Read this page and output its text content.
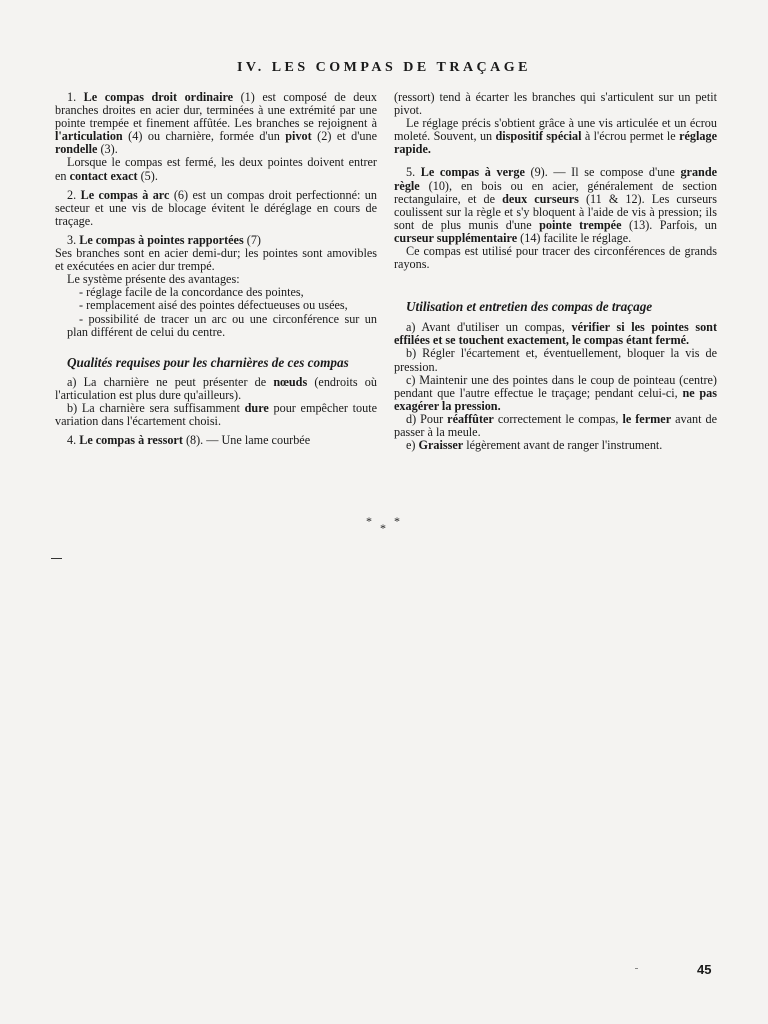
IV. LES COMPAS DE TRAÇAGE

1. Le compas droit ordinaire (1) est composé de deux branches droites en acier dur, terminées à une extrémité par une pointe trempée et finement affûtée. Les branches se rejoignent à l'articulation (4) ou charnière, formée d'un pivot (2) et d'une rondelle (3).

Lorsque le compas est fermé, les deux pointes doivent entrer en contact exact (5).

2. Le compas à arc (6) est un compas droit perfectionné: un secteur et une vis de blocage évitent le déréglage en cours de traçage.

3. Le compas à pointes rapportées (7)

Ses branches sont en acier demi-dur; les pointes sont amovibles et exécutées en acier dur trempé.

Le système présente des avantages:

- réglage facile de la concordance des pointes,

- remplacement aisé des pointes défectueuses ou usées,

- possibilité de tracer un arc ou une circonférence sur un plan différent de celui du centre.

Qualités requises pour les charnières de ces compas

a) La charnière ne peut présenter de nœuds (endroits où l'articulation est plus dure qu'ailleurs).

b) La charnière sera suffisamment dure pour empêcher toute variation dans l'écartement choisi.

4. Le compas à ressort (8). — Une lame courbée

(ressort) tend à écarter les branches qui s'articulent sur un petit pivot.

Le réglage précis s'obtient grâce à une vis articulée et un écrou moleté. Souvent, un dispositif spécial à l'écrou permet le réglage rapide.

5. Le compas à verge (9). — Il se compose d'une grande règle (10), en bois ou en acier, généralement de section rectangulaire, et de deux curseurs (11 & 12). Les curseurs coulissent sur la règle et s'y bloquent à l'aide de vis à pression; ils sont de plus munis d'une pointe trempée (13). Parfois, un curseur supplémentaire (14) facilite le réglage.

Ce compas est utilisé pour tracer des circonférences de grands rayons.

Utilisation et entretien des compas de traçage

a) Avant d'utiliser un compas, vérifier si les pointes sont effilées et se touchent exactement, le compas étant fermé.

b) Régler l'écartement et, éventuellement, bloquer la vis de pression.

c) Maintenir une des pointes dans le coup de pointeau (centre) pendant que l'autre effectue le traçage; pendant celui-ci, ne pas exagérer la pression.

d) Pour réaffûter correctement le compas, le fermer avant de passer à la meule.

e) Graisser légèrement avant de ranger l'instrument.

***
45
